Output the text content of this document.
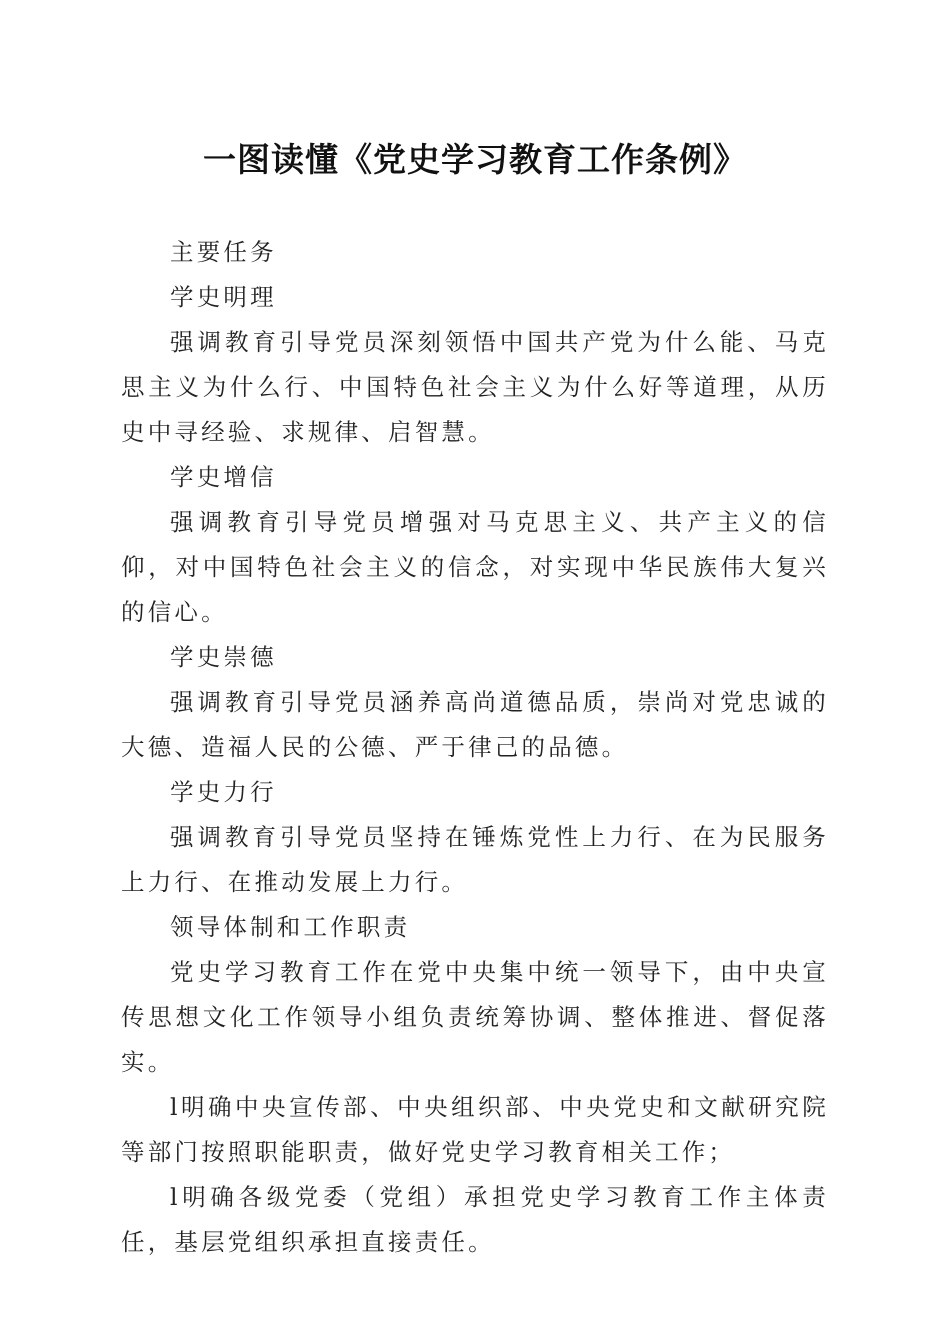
一图读懂《党史学习教育工作条例》

主要任务

学史明理

强调教育引导党员深刻领悟中国共产党为什么能、马克思主义为什么行、中国特色社会主义为什么好等道理，从历史中寻经验、求规律、启智慧。

学史增信

强调教育引导党员增强对马克思主义、共产主义的信仰，对中国特色社会主义的信念，对实现中华民族伟大复兴的信心。

学史崇德

强调教育引导党员涵养高尚道德品质，崇尚对党忠诚的大德、造福人民的公德、严于律己的品德。

学史力行

强调教育引导党员坚持在锤炼党性上力行、在为民服务上力行、在推动发展上力行。

领导体制和工作职责

党史学习教育工作在党中央集中统一领导下，由中央宣传思想文化工作领导小组负责统筹协调、整体推进、督促落实。

l明确中央宣传部、中央组织部、中央党史和文献研究院等部门按照职能职责，做好党史学习教育相关工作；

l明确各级党委（党组）承担党史学习教育工作主体责任，基层党组织承担直接责任。
